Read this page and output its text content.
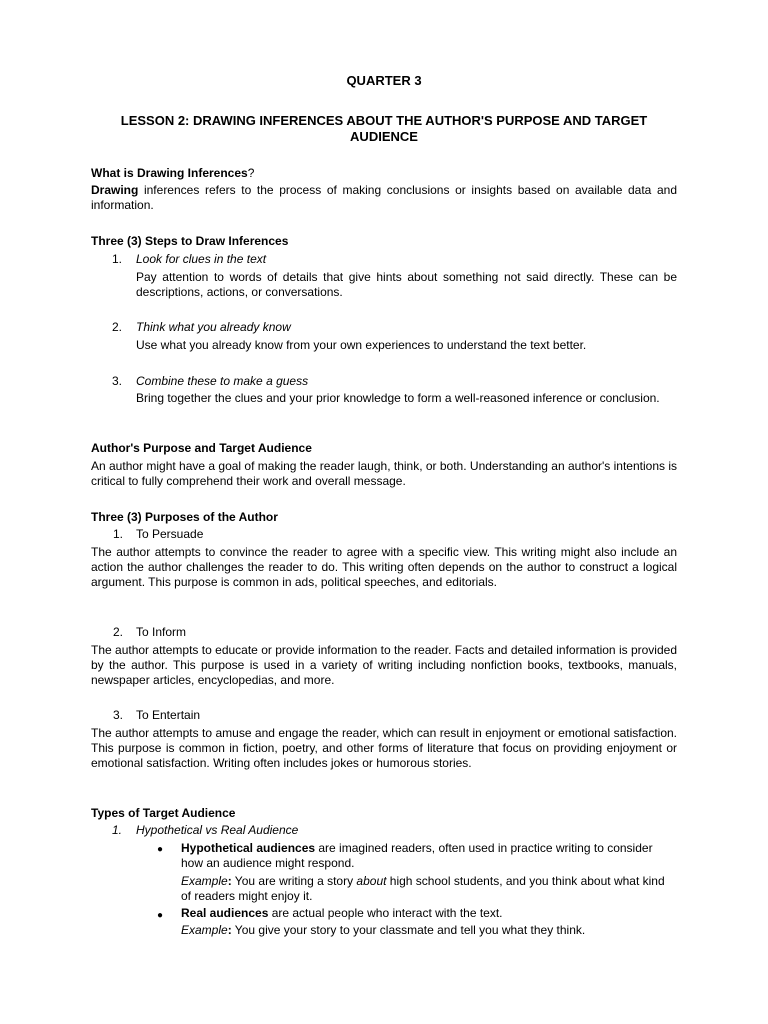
QUARTER 3
LESSON 2: DRAWING INFERENCES ABOUT THE AUTHOR'S PURPOSE AND TARGET AUDIENCE
What is Drawing Inferences?
Drawing inferences refers to the process of making conclusions or insights based on available data and information.
Three (3) Steps to Draw Inferences
1. Look for clues in the text
Pay attention to words of details that give hints about something not said directly. These can be descriptions, actions, or conversations.
2. Think what you already know
Use what you already know from your own experiences to understand the text better.
3. Combine these to make a guess
Bring together the clues and your prior knowledge to form a well-reasoned inference or conclusion.
Author's Purpose and Target Audience
An author might have a goal of making the reader laugh, think, or both. Understanding an author's intentions is critical to fully comprehend their work and overall message.
Three (3) Purposes of the Author
1. To Persuade
The author attempts to convince the reader to agree with a specific view. This writing might also include an action the author challenges the reader to do. This writing often depends on the author to construct a logical argument. This purpose is common in ads, political speeches, and editorials.
2. To Inform
The author attempts to educate or provide information to the reader. Facts and detailed information is provided by the author. This purpose is used in a variety of writing including nonfiction books, textbooks, manuals, newspaper articles, encyclopedias, and more.
3. To Entertain
The author attempts to amuse and engage the reader, which can result in enjoyment or emotional satisfaction. This purpose is common in fiction, poetry, and other forms of literature that focus on providing enjoyment or emotional satisfaction. Writing often includes jokes or humorous stories.
Types of Target Audience
1. Hypothetical vs Real Audience
● Hypothetical audiences are imagined readers, often used in practice writing to consider how an audience might respond.
Example: You are writing a story about high school students, and you think about what kind of readers might enjoy it.
● Real audiences are actual people who interact with the text.
Example: You give your story to your classmate and tell you what they think.
